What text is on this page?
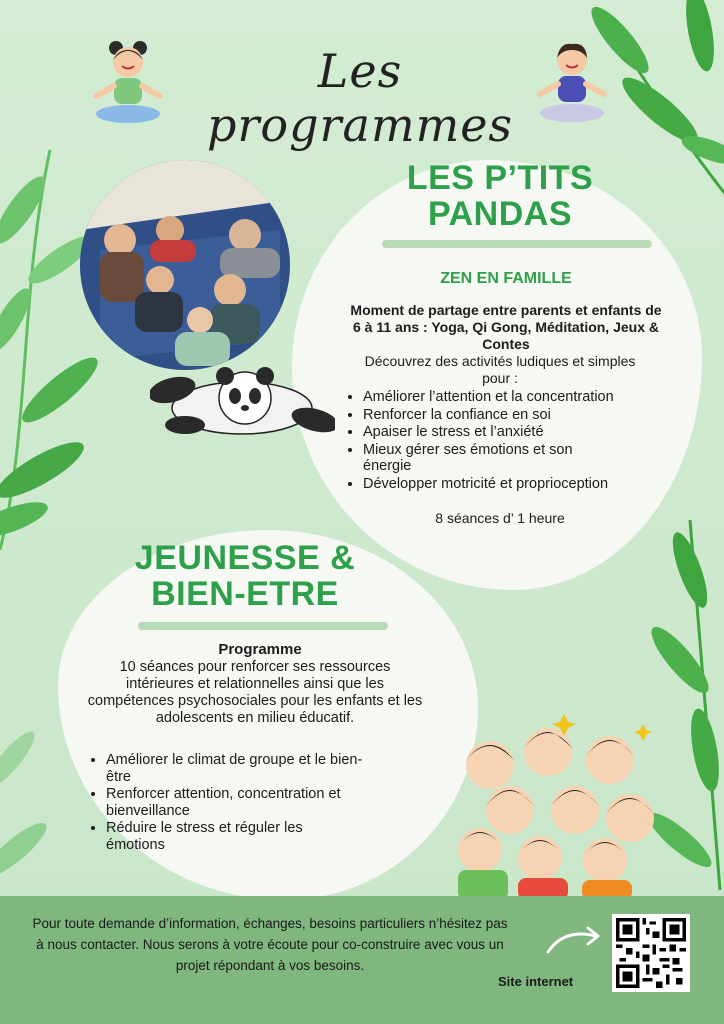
Les programmes
LES P’TITS
PANDAS
ZEN EN FAMILLE
Moment de partage entre parents et enfants de 6 à 11 ans : Yoga, Qi Gong, Méditation, Jeux & Contes
Découvrez des activités ludiques et simples pour :
• Améliorer l’attention et la concentration
• Renforcer la confiance en soi
• Apaiser le stress et l’anxiété
• Mieux gérer ses émotions et son énergie
• Développer motricité et proprioception
8 séances d’ 1 heure
JEUNESSE &
BIEN-ETRE
Programme
10 séances pour renforcer ses ressources intérieures et relationnelles ainsi que les compétences psychosociales pour les enfants et les adolescents en milieu éducatif.
• Améliorer le climat de groupe et le bien-être
• Renforcer attention, concentration et bienveillance
• Réduire le stress et réguler les émotions
Pour toute demande d’information, échanges, besoins particuliers n’hésitez pas à nous contacter. Nous serons à votre écoute pour co-construire avec vous un projet répondant à vos besoins.
Site internet
